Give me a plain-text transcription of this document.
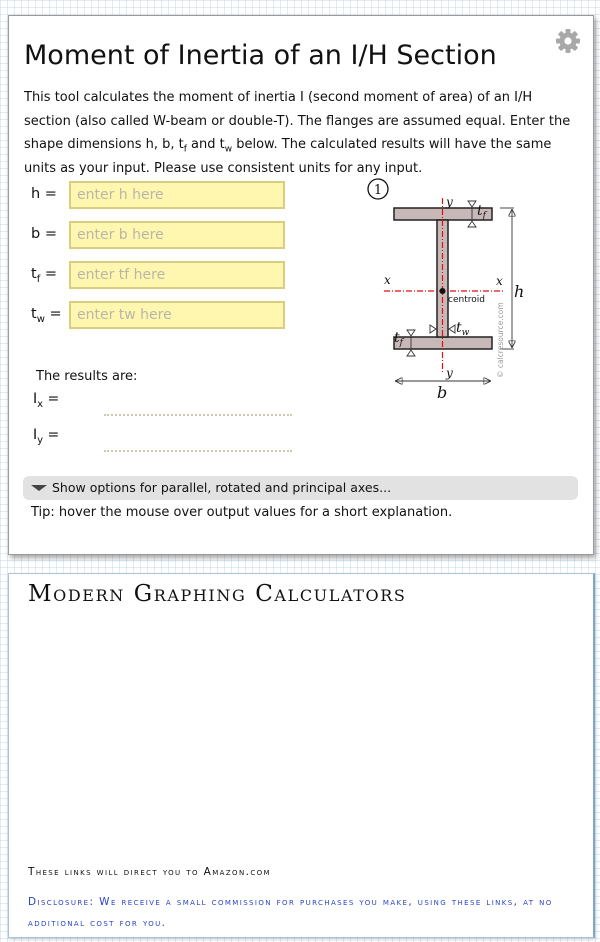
Moment of Inertia of an I/H Section
This tool calculates the moment of inertia I (second moment of area) of an I/H section (also called W-beam or double-T). The flanges are assumed equal. Enter the shape dimensions h, b, $t_f$ and $t_w$ below. The calculated results will have the same units as your input. Please use consistent units for any input.
h =
enter h here
b =
enter b here
$t_f$ =
enter tf here
$t_w$ =
enter tw here
The results are:
$I_x$ =
$I_y$ =
Show options for parallel, rotated and principal axes...
Tip: hover the mouse over output values for a short explanation.
1
centroid
y
y
x	x
$t_f$
$t_f$
$t_w$
h
b
© calcresource.com
Modern Graphing Calculators
These links will direct you to Amazon.com
Disclosure: We receive a small commission for purchases you make, using these links, at no additional cost for you.
